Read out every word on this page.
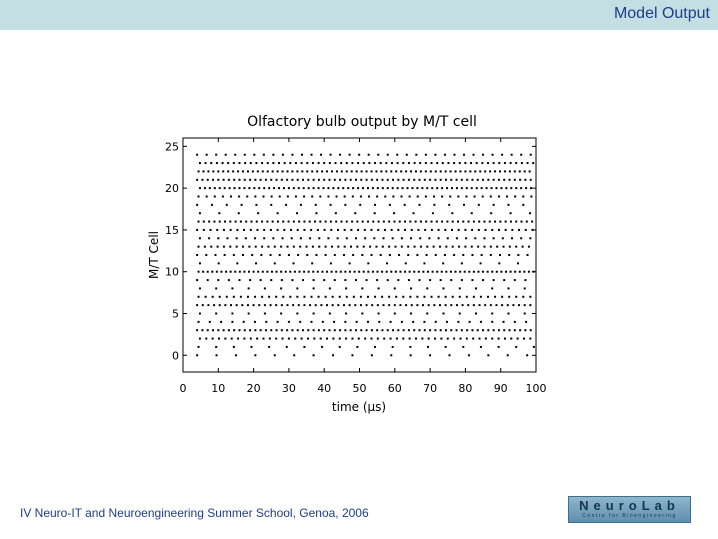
Model Output
Olfactory bulb output by M/T cell
0 10 20 30 40 50 60 70 80 90 100
0
5
10
15
20
25
time (µs)
M/T Cell
IV Neuro-IT and Neuroengineering Summer School, Genoa, 2006	NeuroLab
Centre for Bioengineering
